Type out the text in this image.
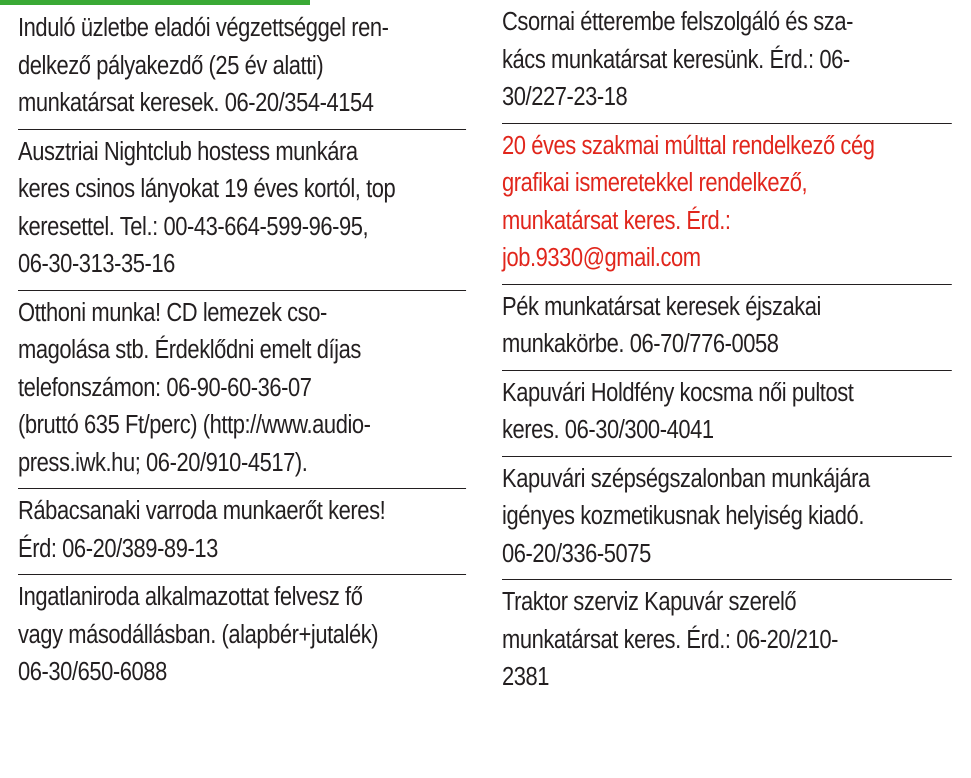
Induló üzletbe eladói végzettséggel ren-
delkező pályakezdő (25 év alatti)
munkatársat keresek. 06-20/354-4154
Ausztriai Nightclub hostess munkára
keres csinos lányokat 19 éves kortól, top
keresettel. Tel.: 00-43-664-599-96-95,
06-30-313-35-16
Otthoni munka! CD lemezek cso-
magolása stb. Érdeklődni emelt díjas
telefonszámon: 06-90-60-36-07
(bruttó 635 Ft/perc) (http://www.audio-
press.iwk.hu; 06-20/910-4517).
Rábacsanaki varroda munkaerőt keres!
Érd: 06-20/389-89-13
Ingatlaniroda alkalmazottat felvesz fő
vagy másodállásban. (alapbér+jutalék)
06-30/650-6088
Csornai étterembe felszolgáló és sza-
kács munkatársat keresünk. Érd.: 06-
30/227-23-18
20 éves szakmai múlttal rendelkező cég
grafikai ismeretekkel rendelkező,
munkatársat keres. Érd.:
job.9330@gmail.com
Pék munkatársat keresek éjszakai
munkakörbe. 06-70/776-0058
Kapuvári Holdfény kocsma női pultost
keres. 06-30/300-4041
Kapuvári szépségszalonban munkájára
igényes kozmetikusnak helyiség kiadó.
06-20/336-5075
Traktor szerviz Kapuvár szerelő
munkatársat keres. Érd.: 06-20/210-
2381
